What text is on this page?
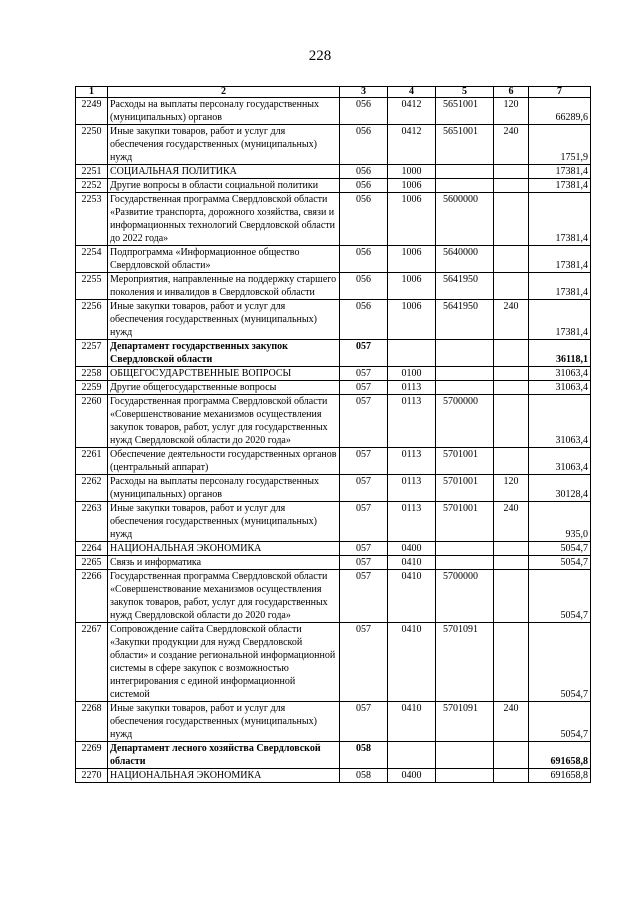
228
1	2	3	4	5	6	7
2249	Расходы на выплаты персоналу государственных (муниципальных) органов	056	0412	5651001	120	66289,6
2250	Иные закупки товаров, работ и услуг для обеспечения государственных (муниципальных) нужд	056	0412	5651001	240	1751,9
2251	СОЦИАЛЬНАЯ ПОЛИТИКА	056	1000			17381,4
2252	Другие вопросы в области социальной политики	056	1006			17381,4
2253	Государственная программа Свердловской области «Развитие транспорта, дорожного хозяйства, связи и информационных технологий Свердловской области до 2022 года»	056	1006	5600000		17381,4
2254	Подпрограмма «Информационное общество Свердловской области»	056	1006	5640000		17381,4
2255	Мероприятия, направленные на поддержку старшего поколения и инвалидов в Свердловской области	056	1006	5641950		17381,4
2256	Иные закупки товаров, работ и услуг для обеспечения государственных (муниципальных) нужд	056	1006	5641950	240	17381,4
2257	Департамент государственных закупок Свердловской области	057				36118,1
2258	ОБЩЕГОСУДАРСТВЕННЫЕ ВОПРОСЫ	057	0100			31063,4
2259	Другие общегосударственные вопросы	057	0113			31063,4
2260	Государственная программа Свердловской области «Совершенствование механизмов осуществления закупок товаров, работ, услуг для государственных нужд Свердловской области до 2020 года»	057	0113	5700000		31063,4
2261	Обеспечение деятельности государственных органов (центральный аппарат)	057	0113	5701001		31063,4
2262	Расходы на выплаты персоналу государственных (муниципальных) органов	057	0113	5701001	120	30128,4
2263	Иные закупки товаров, работ и услуг для обеспечения государственных (муниципальных) нужд	057	0113	5701001	240	935,0
2264	НАЦИОНАЛЬНАЯ ЭКОНОМИКА	057	0400			5054,7
2265	Связь и информатика	057	0410			5054,7
2266	Государственная программа Свердловской области «Совершенствование механизмов осуществления закупок товаров, работ, услуг для государственных нужд Свердловской области до 2020 года»	057	0410	5700000		5054,7
2267	Сопровождение сайта Свердловской области «Закупки продукции для нужд Свердловской области» и создание региональной информационной системы в сфере закупок с возможностью интегрирования с единой информационной системой	057	0410	5701091		5054,7
2268	Иные закупки товаров, работ и услуг для обеспечения государственных (муниципальных) нужд	057	0410	5701091	240	5054,7
2269	Департамент лесного хозяйства Свердловской области	058				691658,8
2270	НАЦИОНАЛЬНАЯ ЭКОНОМИКА	058	0400			691658,8
